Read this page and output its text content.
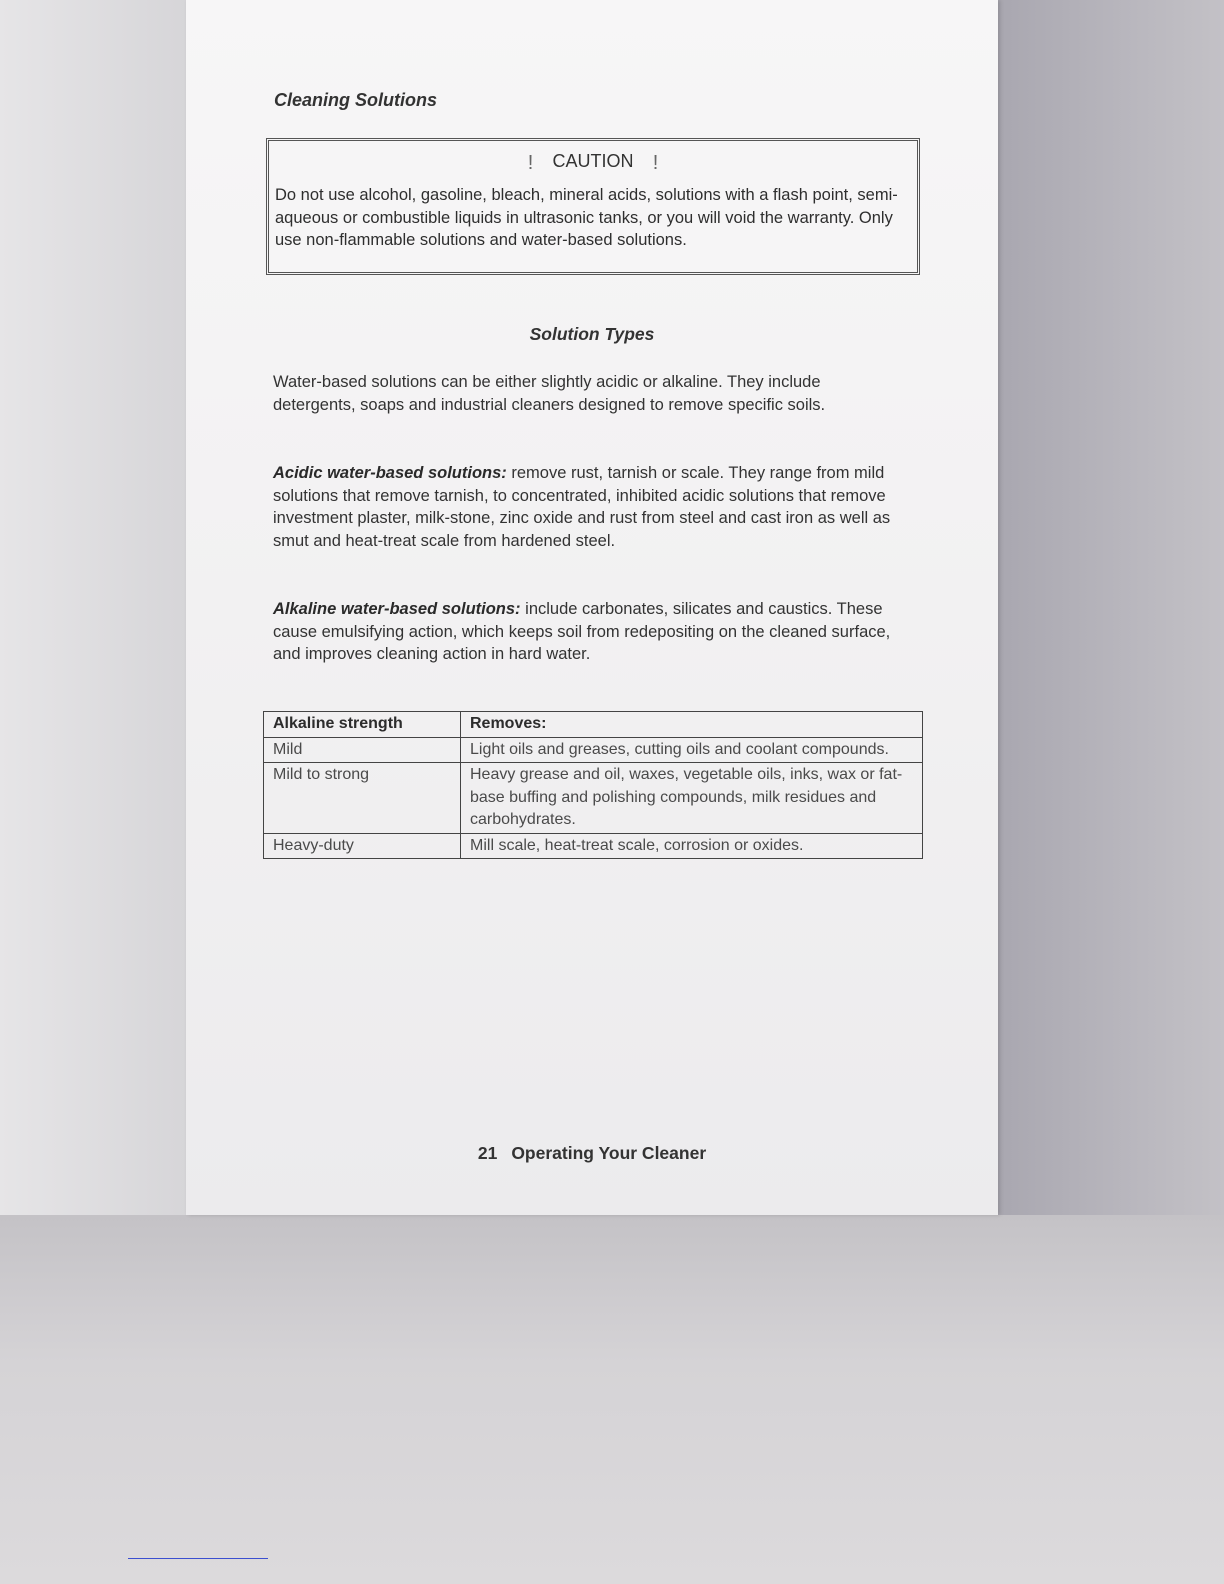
Cleaning Solutions
! CAUTION !
Do not use alcohol, gasoline, bleach, mineral acids, solutions with a flash point, semi-aqueous or combustible liquids in ultrasonic tanks, or you will void the warranty. Only use non-flammable solutions and water-based solutions.
Solution Types
Water-based solutions can be either slightly acidic or alkaline. They include detergents, soaps and industrial cleaners designed to remove specific soils.
Acidic water-based solutions: remove rust, tarnish or scale. They range from mild solutions that remove tarnish, to concentrated, inhibited acidic solutions that remove investment plaster, milk-stone, zinc oxide and rust from steel and cast iron as well as smut and heat-treat scale from hardened steel.
Alkaline water-based solutions: include carbonates, silicates and caustics. These cause emulsifying action, which keeps soil from redepositing on the cleaned surface, and improves cleaning action in hard water.
Alkaline strength	Removes:
Mild	Light oils and greases, cutting oils and coolant compounds.
Mild to strong	Heavy grease and oil, waxes, vegetable oils, inks, wax or fat-base buffing and polishing compounds, milk residues and carbohydrates.
Heavy-duty	Mill scale, heat-treat scale, corrosion or oxides.
21 Operating Your Cleaner
